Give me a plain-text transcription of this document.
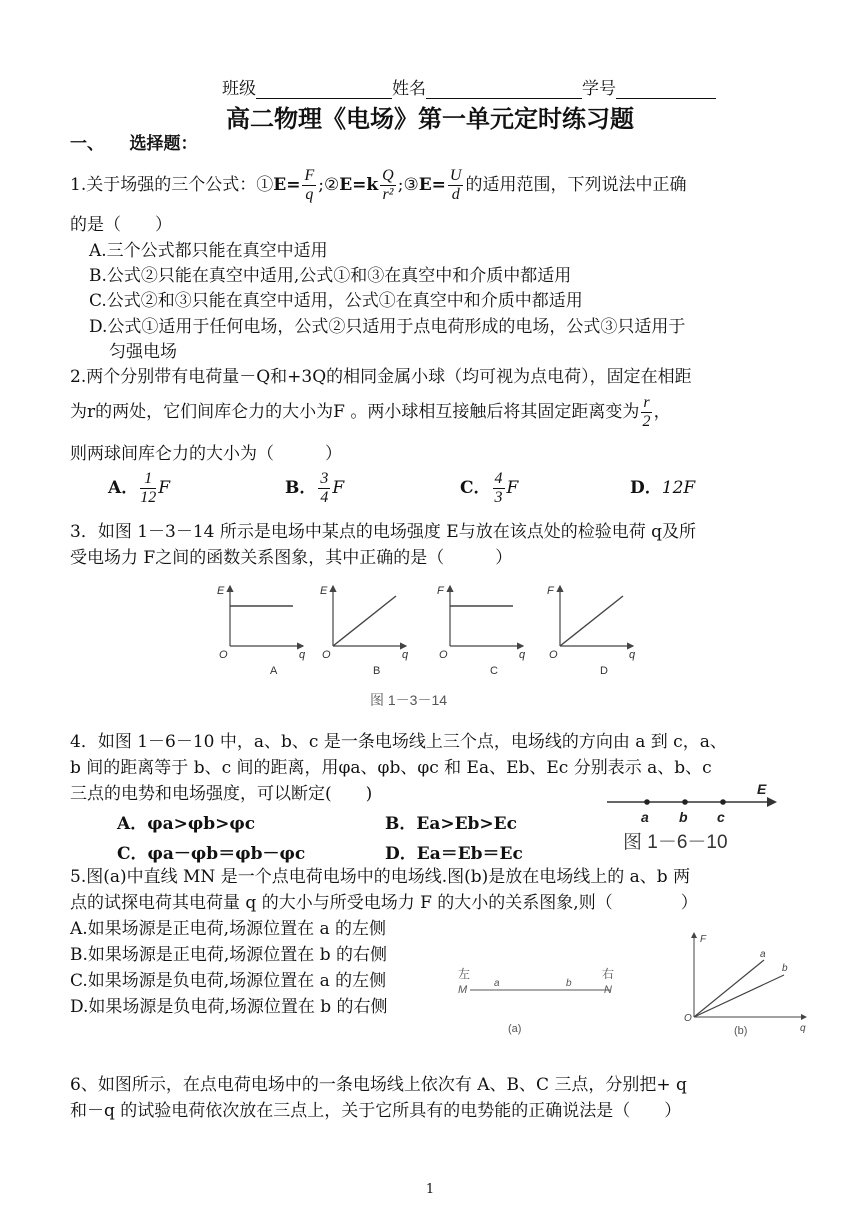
班级	姓名	学号
高二物理《电场》第一单元定时练习题
一、　　选择题：
1.关于场强的三个公式：①E= $\frac{F}{q}$ ;②E=k $\frac{Q}{\text{r²}}$ ;③E= $\frac{U}{d}$ 的适用范围，下列说法中正确
的是（　　）
A.三个公式都只能在真空中适用
B.公式②只能在真空中适用,公式①和③在真空中和介质中都适用
C.公式②和③只能在真空中适用，公式①在真空中和介质中都适用
D.公式①适用于任何电场，公式②只适用于点电荷形成的电场，公式③只适用于
匀强电场
2.两个分别带有电荷量－Q和+3Q的相同金属小球（均可视为点电荷），固定在相距
为r的两处，它们间库仑力的大小为F 。两小球相互接触后将其固定距离变为 $\frac{r}{2}$ ，
则两球间库仑力的大小为（　　　）
A． $\frac{1}{12}$ F	B． $\frac{3}{4}$ F	C． $\frac{4}{3}$ F	D．12F
3．如图 1－3－14 所示是电场中某点的电场强度 E与放在该点处的检验电荷 q及所
受电场力 F之间的函数关系图象，其中正确的是（　　　）
E
O	q
A
E
O	q
B
F
O	q
C
F
O	q
D
图 1－3－14
4．如图 1－6－10 中，a、b、c 是一条电场线上三个点，电场线的方向由 a 到 c，a、
b 间的距离等于 b、c 间的距离，用φa、φb、φc 和 Ea、Eb、Ec 分别表示 a、b、c
三点的电势和电场强度，可以断定(　　)
A．φa>φb>φc	B．Ea>Eb>Ec
C．φa－φb＝φb－φc	D．Ea＝Eb＝Ec
a b c
E
图 1－6－10
5.图(a)中直线 MN 是一个点电荷电场中的电场线.图(b)是放在电场线上的 a、b 两
点的试探电荷其电荷量 q 的大小与所受电场力 F 的大小的关系图象,则（　　　　）
A.如果场源是正电荷,场源位置在 a 的左侧
B.如果场源是正电荷,场源位置在 b 的右侧
C.如果场源是负电荷,场源位置在 a 的左侧
D.如果场源是负电荷,场源位置在 b 的右侧
左	右
M	N
a	b
(a)
F
O
q
a
b
(b)
6、如图所示，在点电荷电场中的一条电场线上依次有 A、B、C 三点，分别把+ q
和－q 的试验电荷依次放在三点上，关于它所具有的电势能的正确说法是（　　）
1
